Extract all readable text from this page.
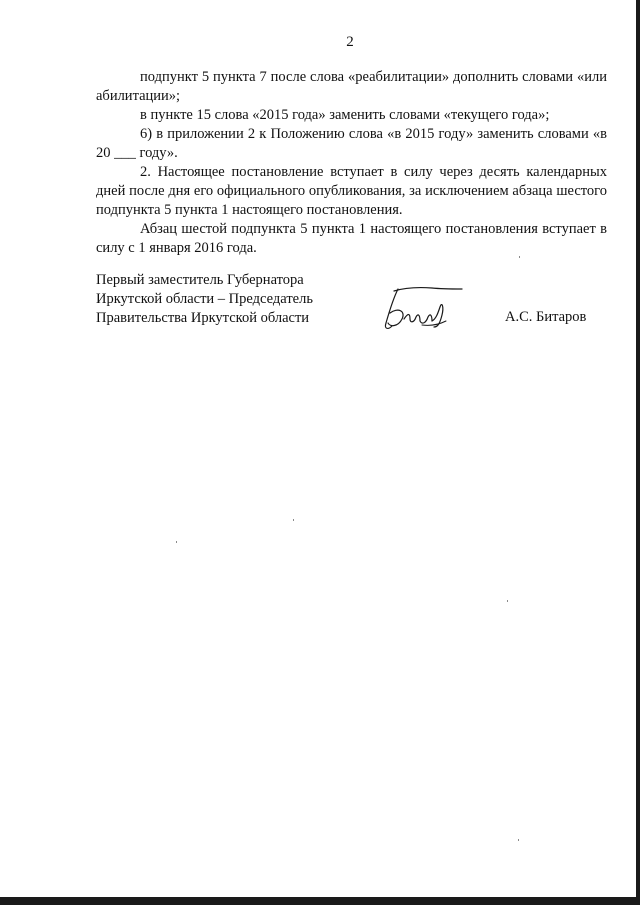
2

подпункт 5 пункта 7 после слова «реабилитации» дополнить словами «или абилитации»;

в пункте 15 слова «2015 года» заменить словами «текущего года»;

6) в приложении 2 к Положению слова «в 2015 году» заменить словами «в 20 ___ году».

2. Настоящее постановление вступает в силу через десять календарных дней после дня его официального опубликования, за исключением абзаца шестого подпункта 5 пункта 1 настоящего постановления.

Абзац шестой подпункта 5 пункта 1 настоящего постановления вступает в силу с 1 января 2016 года.

Первый заместитель Губернатора
Иркутской области – Председатель
Правительства Иркутской области	А.С. Битаров
